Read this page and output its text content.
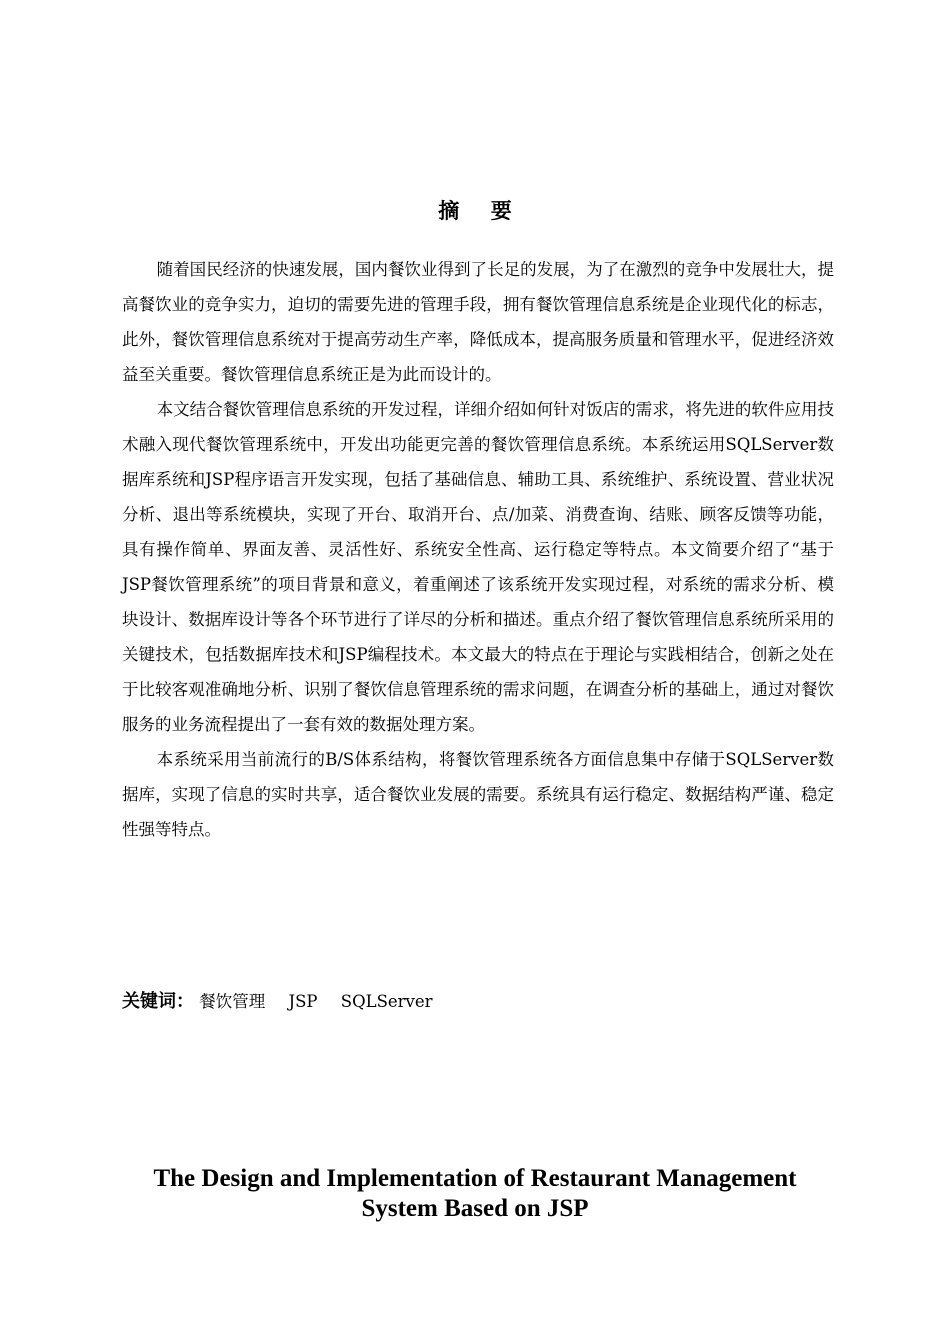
摘要

随着国民经济的快速发展，国内餐饮业得到了长足的发展，为了在激烈的竞争中发展壮大，提高餐饮业的竞争实力，迫切的需要先进的管理手段，拥有餐饮管理信息系统是企业现代化的标志，此外，餐饮管理信息系统对于提高劳动生产率，降低成本，提高服务质量和管理水平，促进经济效益至关重要。餐饮管理信息系统正是为此而设计的。

本文结合餐饮管理信息系统的开发过程，详细介绍如何针对饭店的需求，将先进的软件应用技术融入现代餐饮管理系统中，开发出功能更完善的餐饮管理信息系统。本系统运用SQLServer数据库系统和JSP程序语言开发实现，包括了基础信息、辅助工具、系统维护、系统设置、营业状况分析、退出等系统模块，实现了开台、取消开台、点/加菜、消费查询、结账、顾客反馈等功能，具有操作简单、界面友善、灵活性好、系统安全性高、运行稳定等特点。本文简要介绍了“基于JSP餐饮管理系统”的项目背景和意义，着重阐述了该系统开发实现过程，对系统的需求分析、模块设计、数据库设计等各个环节进行了详尽的分析和描述。重点介绍了餐饮管理信息系统所采用的关键技术，包括数据库技术和JSP编程技术。本文最大的特点在于理论与实践相结合，创新之处在于比较客观准确地分析、识别了餐饮信息管理系统的需求问题，在调查分析的基础上，通过对餐饮服务的业务流程提出了一套有效的数据处理方案。

本系统采用当前流行的B/S体系结构，将餐饮管理系统各方面信息集中存储于SQLServer数据库，实现了信息的实时共享，适合餐饮业发展的需要。系统具有运行稳定、数据结构严谨、稳定性强等特点。

关键词： 餐饮管理 JSP SQLServer
The Design and Implementation of Restaurant Management
System Based on JSP
